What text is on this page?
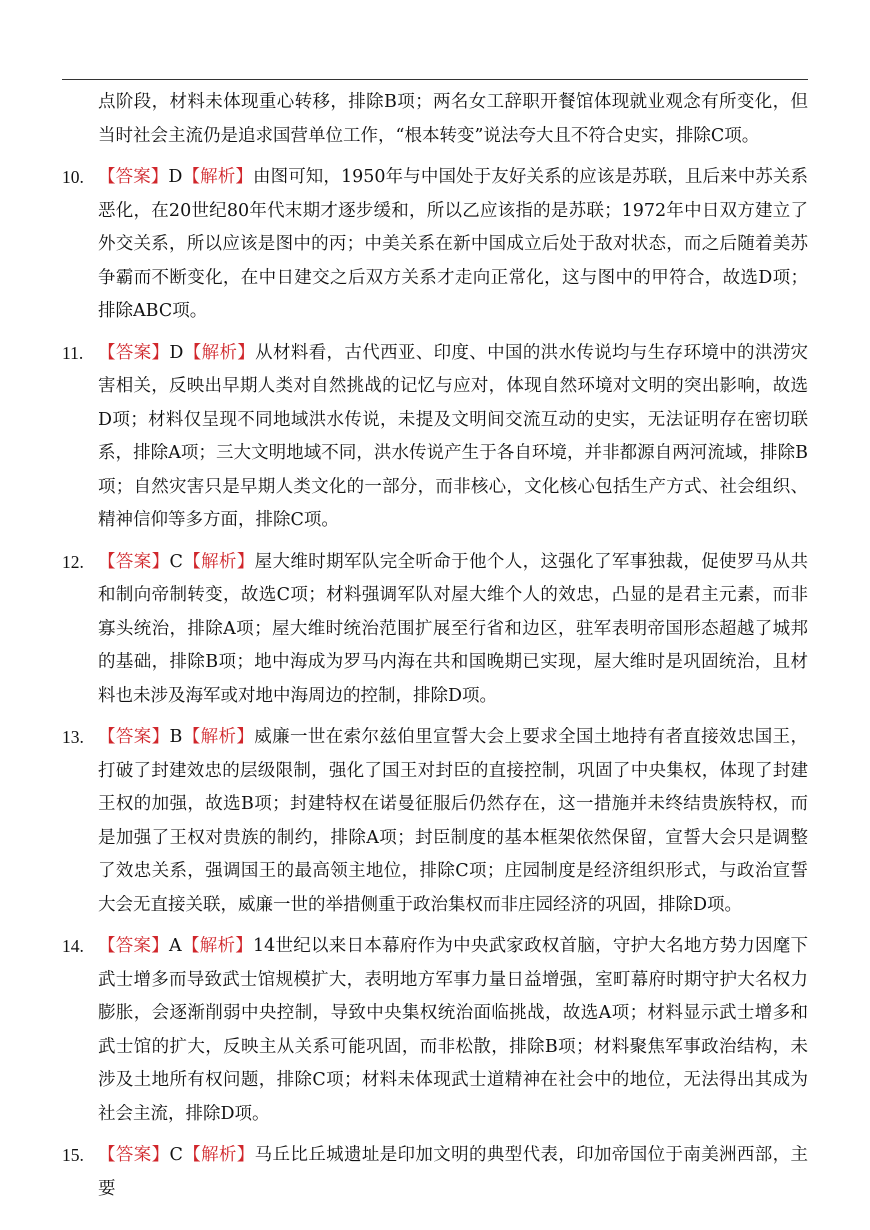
点阶段，材料未体现重心转移，排除B项；两名女工辞职开餐馆体现就业观念有所变化，但当时社会主流仍是追求国营单位工作，“根本转变”说法夸大且不符合史实，排除C项。
10. 【答案】D【解析】由图可知，1950年与中国处于友好关系的应该是苏联，且后来中苏关系恶化，在20世纪80年代末期才逐步缓和，所以乙应该指的是苏联；1972年中日双方建立了外交关系，所以应该是图中的丙；中美关系在新中国成立后处于敌对状态，而之后随着美苏争霸而不断变化，在中日建交之后双方关系才走向正常化，这与图中的甲符合，故选D项；排除ABC项。
11. 【答案】D【解析】从材料看，古代西亚、印度、中国的洪水传说均与生存环境中的洪涝灾害相关，反映出早期人类对自然挑战的记忆与应对，体现自然环境对文明的突出影响，故选D项；材料仅呈现不同地域洪水传说，未提及文明间交流互动的史实，无法证明存在密切联系，排除A项；三大文明地域不同，洪水传说产生于各自环境，并非都源自两河流域，排除B项；自然灾害只是早期人类文化的一部分，而非核心，文化核心包括生产方式、社会组织、精神信仰等多方面，排除C项。
12. 【答案】C【解析】屋大维时期军队完全听命于他个人，这强化了军事独裁，促使罗马从共和制向帝制转变，故选C项；材料强调军队对屋大维个人的效忠，凸显的是君主元素，而非寡头统治，排除A项；屋大维时统治范围扩展至行省和边区，驻军表明帝国形态超越了城邦的基础，排除B项；地中海成为罗马内海在共和国晚期已实现，屋大维时是巩固统治，且材料也未涉及海军或对地中海周边的控制，排除D项。
13. 【答案】B【解析】威廉一世在索尔兹伯里宣誓大会上要求全国土地持有者直接效忠国王，打破了封建效忠的层级限制，强化了国王对封臣的直接控制，巩固了中央集权，体现了封建王权的加强，故选B项；封建特权在诺曼征服后仍然存在，这一措施并未终结贵族特权，而是加强了王权对贵族的制约，排除A项；封臣制度的基本框架依然保留，宣誓大会只是调整了效忠关系，强调国王的最高领主地位，排除C项；庄园制度是经济组织形式，与政治宣誓大会无直接关联，威廉一世的举措侧重于政治集权而非庄园经济的巩固，排除D项。
14. 【答案】A【解析】14世纪以来日本幕府作为中央武家政权首脑，守护大名地方势力因麾下武士增多而导致武士馆规模扩大，表明地方军事力量日益增强，室町幕府时期守护大名权力膨胀，会逐渐削弱中央控制，导致中央集权统治面临挑战，故选A项；材料显示武士增多和武士馆的扩大，反映主从关系可能巩固，而非松散，排除B项；材料聚焦军事政治结构，未涉及土地所有权问题，排除C项；材料未体现武士道精神在社会中的地位，无法得出其成为社会主流，排除D项。
15. 【答案】C【解析】马丘比丘城遗址是印加文明的典型代表，印加帝国位于南美洲西部，主要
